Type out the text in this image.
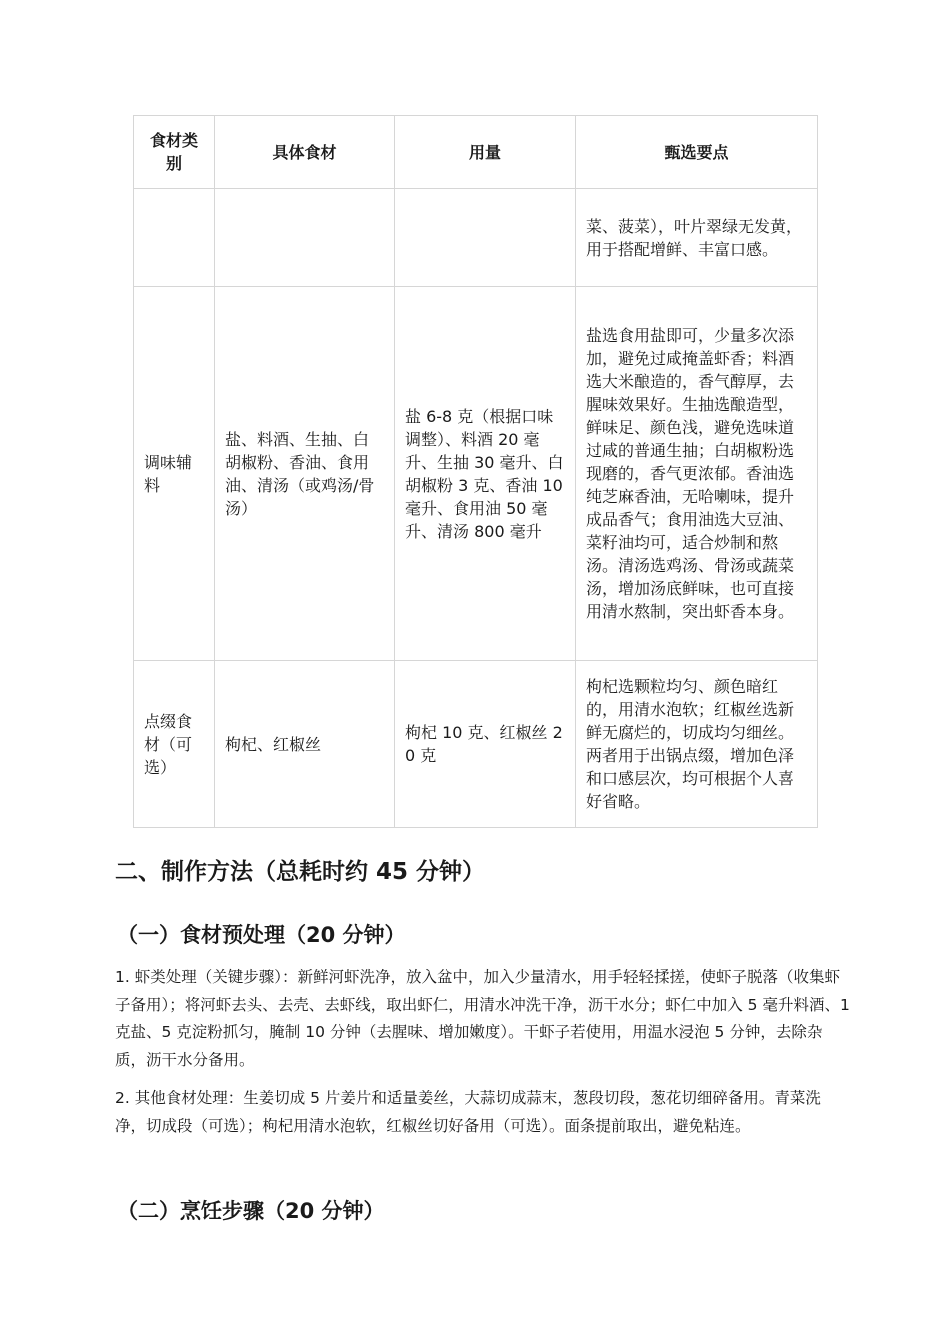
食材类别	具体食材	用量	甄选要点
			菜、菠菜），叶片翠绿无发黄，用于搭配增鲜、丰富口感。
调味辅料	盐、料酒、生抽、白胡椒粉、香油、食用油、清汤（或鸡汤/骨汤）	盐 6-8 克（根据口味调整）、料酒 20 毫升、生抽 30 毫升、白胡椒粉 3 克、香油 10 毫升、食用油 50 毫升、清汤 800 毫升	盐选食用盐即可，少量多次添加，避免过咸掩盖虾香；料酒选大米酿造的，香气醇厚，去腥味效果好。生抽选酿造型，鲜味足、颜色浅，避免选味道过咸的普通生抽；白胡椒粉选现磨的，香气更浓郁。香油选纯芝麻香油，无哈喇味，提升成品香气；食用油选大豆油、菜籽油均可，适合炒制和熬汤。清汤选鸡汤、骨汤或蔬菜汤，增加汤底鲜味，也可直接用清水熬制，突出虾香本身。
点缀食材（可选）	枸杞、红椒丝	枸杞 10 克、红椒丝 20 克	枸杞选颗粒均匀、颜色暗红的，用清水泡软；红椒丝选新鲜无腐烂的，切成均匀细丝。两者用于出锅点缀，增加色泽和口感层次，均可根据个人喜好省略。
二、制作方法（总耗时约 45 分钟）
（一）食材预处理（20 分钟）

1. 虾类处理（关键步骤）：新鲜河虾洗净，放入盆中，加入少量清水，用手轻轻揉搓，使虾子脱落（收集虾子备用）；将河虾去头、去壳、去虾线，取出虾仁，用清水冲洗干净，沥干水分；虾仁中加入 5 毫升料酒、1 克盐、5 克淀粉抓匀，腌制 10 分钟（去腥味、增加嫩度）。干虾子若使用，用温水浸泡 5 分钟，去除杂质，沥干水分备用。

2. 其他食材处理：生姜切成 5 片姜片和适量姜丝，大蒜切成蒜末，葱段切段，葱花切细碎备用。青菜洗净，切成段（可选）；枸杞用清水泡软，红椒丝切好备用（可选）。面条提前取出，避免粘连。

（二）烹饪步骤（20 分钟）
